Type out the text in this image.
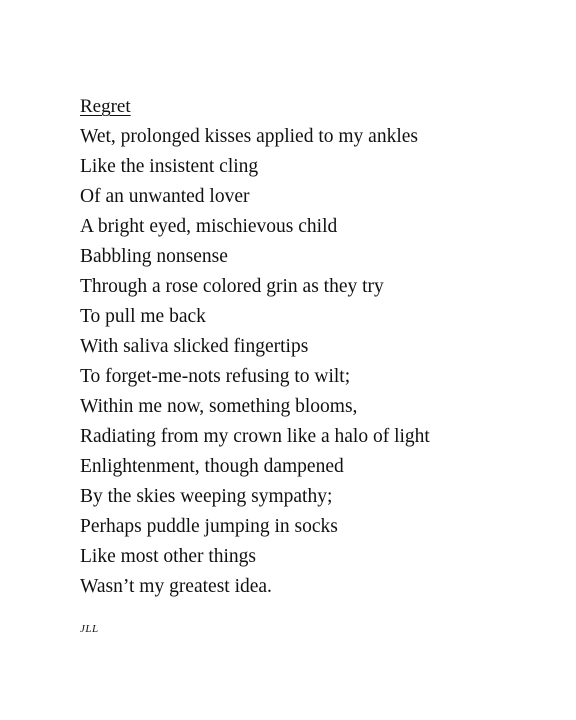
Regret
Wet, prolonged kisses applied to my ankles
Like the insistent cling
Of an unwanted lover
A bright eyed, mischievous child
Babbling nonsense
Through a rose colored grin as they try
To pull me back
With saliva slicked fingertips
To forget-me-nots refusing to wilt;
Within me now, something blooms,
Radiating from my crown like a halo of light
Enlightenment, though dampened
By the skies weeping sympathy;
Perhaps puddle jumping in socks
Like most other things
Wasn’t my greatest idea.
JLL
